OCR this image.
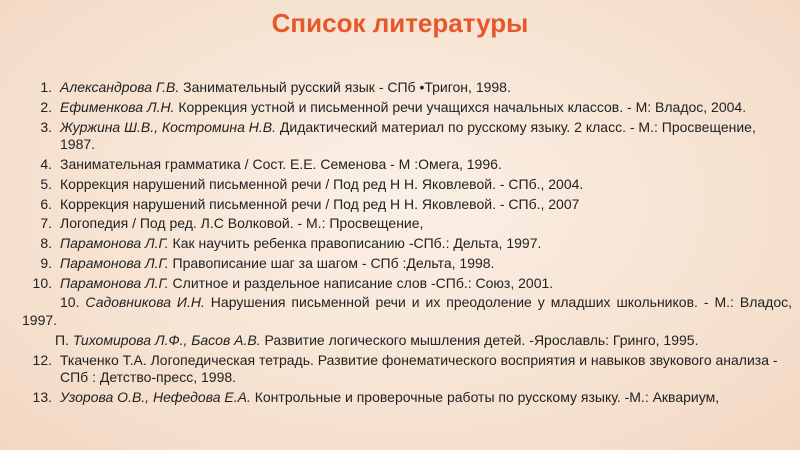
Список литературы
1. Александрова Г.В. Занимательный русский язык - СПб •Тригон, 1998.
2. Ефименкова Л.Н. Коррекция устной и письменной речи учащихся начальных классов. - М: Владос, 2004.
3. Журжина Ш.В., Костромина Н.В. Дидактический материал по русскому языку. 2 класс. - М.: Просвещение, 1987.
4. Занимательная грамматика / Сост. Е.Е. Семенова - М :Омега, 1996.
5. Коррекция нарушений письменной речи / Под ред Н Н. Яковлевой. - СПб., 2004.
6. Коррекция нарушений письменной речи / Под ред Н Н. Яковлевой. - СПб., 2007
7. Логопедия / Под ред. Л.С Волковой. - М.: Просвещение,
8. Парамонова Л.Г. Как научить ребенка правописанию -СПб.: Дельта, 1997.
9. Парамонова Л.Г. Правописание шаг за шагом - СПб :Дельта, 1998.
10. Парамонова Л.Г. Слитное и раздельное написание слов -СПб.: Союз, 2001.
10. Садовникова И.Н. Нарушения письменной речи и их преодоление у младших школьников. - М.: Владос, 1997.
П. Тихомирова Л.Ф., Басов А.В. Развитие логического мышления детей. -Ярославль: Гринго, 1995.
12. Ткаченко Т.А. Логопедическая тетрадь. Развитие фонематического восприятия и навыков звукового анализа - СПб : Детство-пресс, 1998.
13. Узорова О.В., Нефедова Е.А. Контрольные и проверочные работы по русскому языку. -М.: Аквариум,
